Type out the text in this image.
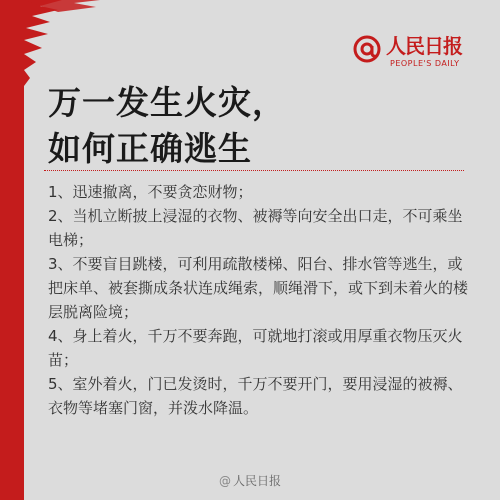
人民日报
PEOPLE'S DAILY
万一发生火灾，
如何正确逃生

1、迅速撤离，不要贪恋财物；

2、当机立断披上浸湿的衣物、被褥等向安全出口走，不可乘坐电梯；

3、不要盲目跳楼，可利用疏散楼梯、阳台、排水管等逃生，或把床单、被套撕成条状连成绳索，顺绳滑下，或下到未着火的楼层脱离险境；

4、身上着火，千万不要奔跑，可就地打滚或用厚重衣物压灭火苗；

5、室外着火，门已发烫时，千万不要开门，要用浸湿的被褥、衣物等堵塞门窗，并泼水降温。

@ 人民日报
